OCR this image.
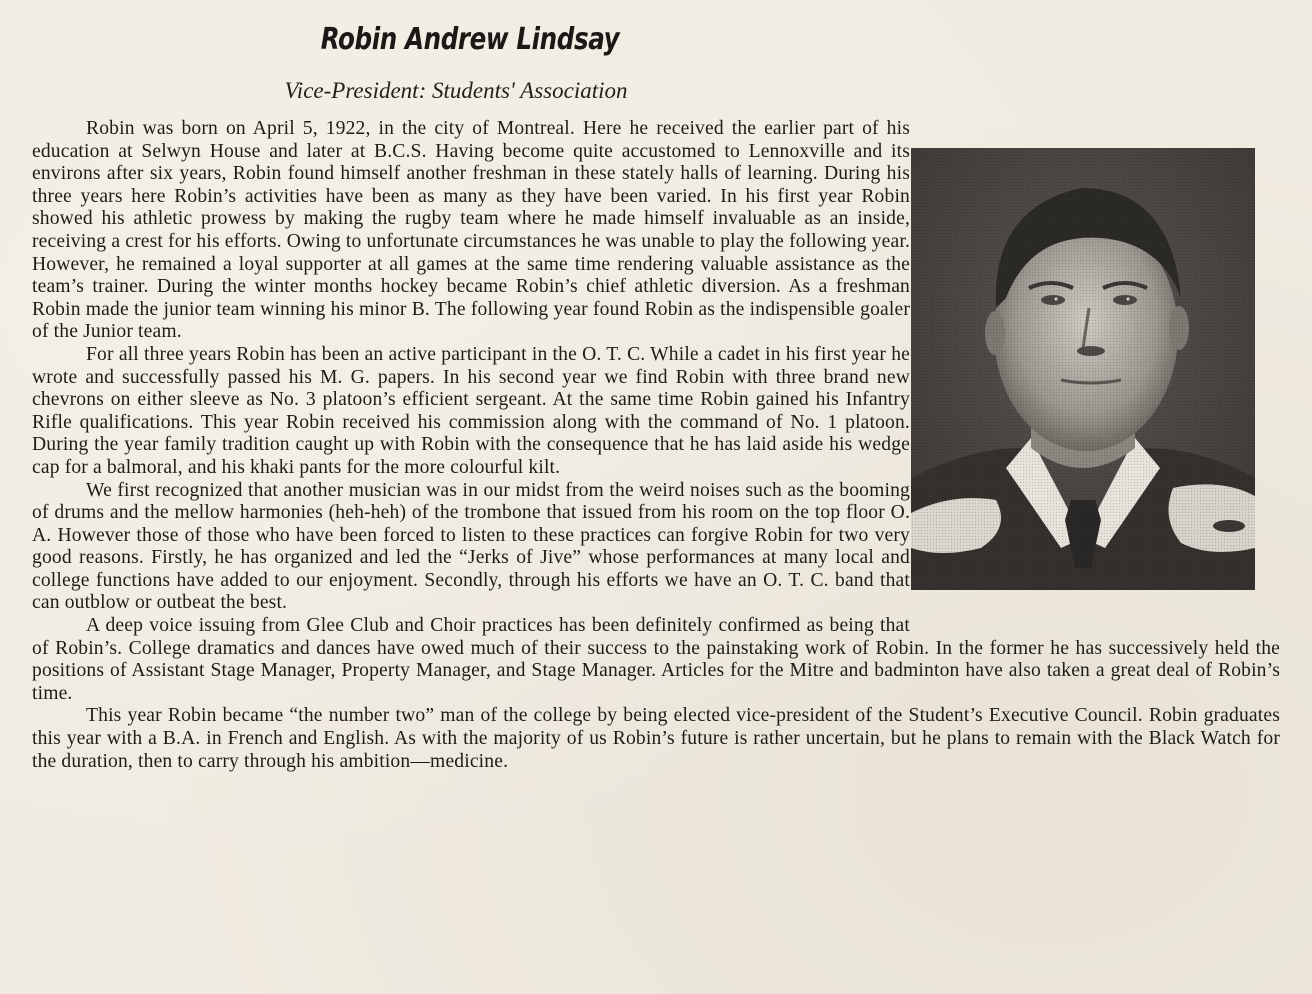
Robin Andrew Lindsay
Vice-President: Students' Association

Robin was born on April 5, 1922, in the city of Montreal. Here he received the earlier part of his education at Selwyn House and later at B.C.S. Having become quite accustomed to Lennoxville and its environs after six years, Robin found himself another freshman in these stately halls of learning. During his three years here Robin’s activities have been as many as they have been varied. In his first year Robin showed his athletic prowess by making the rugby team where he made himself invaluable as an inside, receiving a crest for his efforts. Owing to unfortunate circumstances he was unable to play the following year. However, he remained a loyal supporter at all games at the same time rendering valuable assistance as the team’s trainer. During the winter months hockey became Robin’s chief athletic diversion. As a freshman Robin made the junior team winning his minor B. The following year found Robin as the indispensible goaler of the Junior team.

For all three years Robin has been an active participant in the O. T. C. While a cadet in his first year he wrote and successfully passed his M. G. papers. In his second year we find Robin with three brand new chevrons on either sleeve as No. 3 platoon’s efficient sergeant. At the same time Robin gained his Infantry Rifle qualifications. This year Robin received his commission along with the command of No. 1 platoon. During the year family tradition caught up with Robin with the consequence that he has laid aside his wedge cap for a balmoral, and his khaki pants for the more colourful kilt.

We first recognized that another musician was in our midst from the weird noises such as the booming of drums and the mellow harmonies (heh-heh) of the trombone that issued from his room on the top floor O. A. However those of those who have been forced to listen to these practices can forgive Robin for two very good reasons. Firstly, he has organized and led the “Jerks of Jive” whose performances at many local and college functions have added to our enjoyment. Secondly, through his efforts we have an O. T. C. band that can outblow or outbeat the best.

A deep voice issuing from Glee Club and Choir practices has been definitely confirmed as being that of Robin’s. College dramatics and dances have owed much of their success to the painstaking work of Robin. In the former he has successively held the positions of Assistant Stage Manager, Property Manager, and Stage Manager. Articles for the Mitre and badminton have also taken a great deal of Robin’s time.

This year Robin became “the number two” man of the college by being elected vice-president of the Student’s Executive Council. Robin graduates this year with a B.A. in French and English. As with the majority of us Robin’s future is rather uncertain, but he plans to remain with the Black Watch for the duration, then to carry through his ambition—medicine.
